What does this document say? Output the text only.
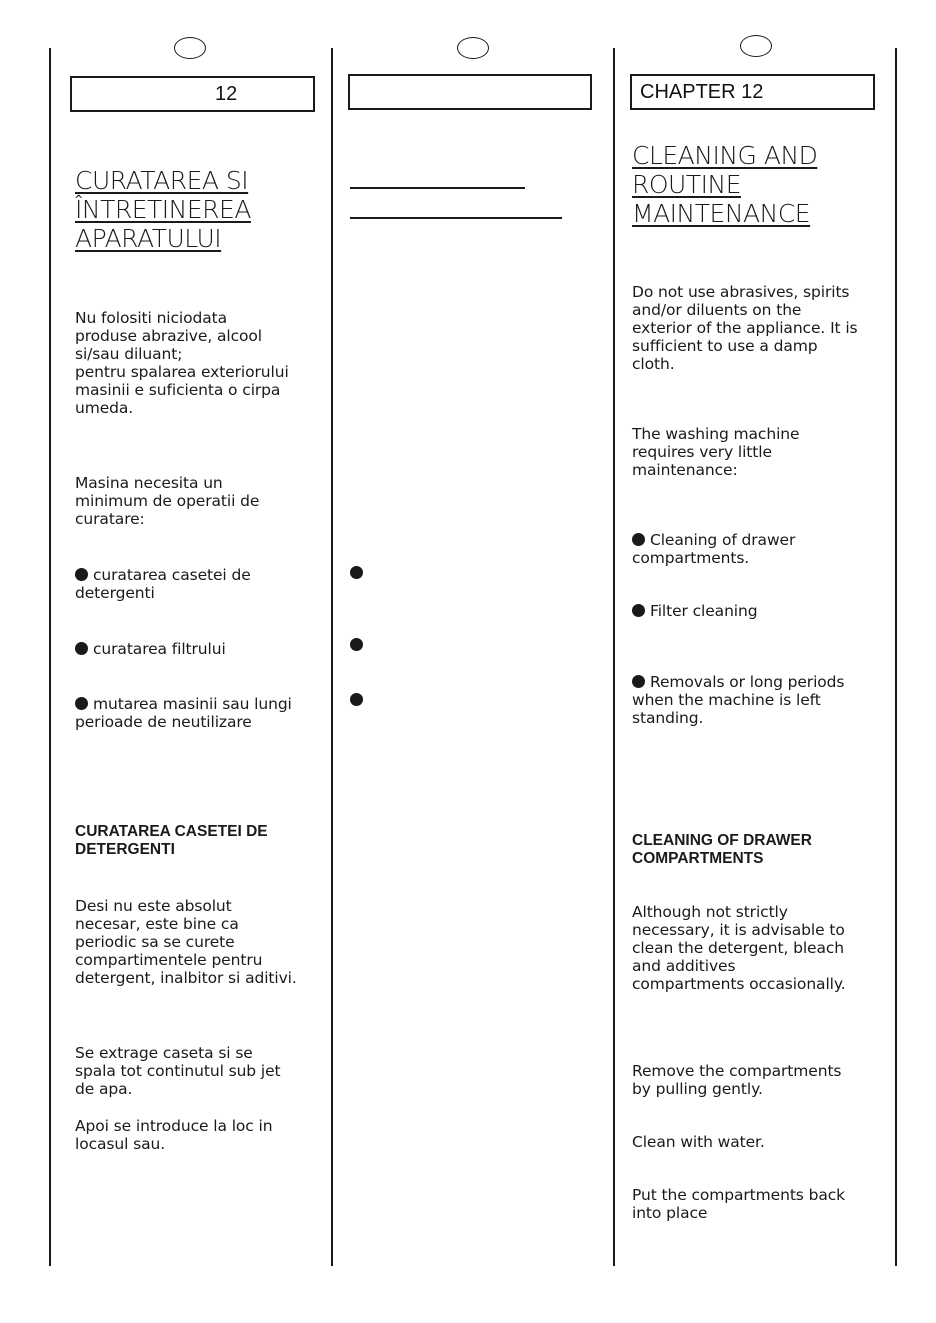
12	CHAPTER 12
CURATAREA SI
ÎNTRETINEREA
APARATULUI
Nu folositi niciodata
produse abrazive, alcool
si/sau diluant;
pentru spalarea exteriorului
masinii e suficienta o cirpa
umeda.
Masina necesita un
minimum de operatii de
curatare:
curatarea casetei de
detergenti
curatarea filtrului
mutarea masinii sau lungi
perioade de neutilizare
CURATAREA CASETEI DE
DETERGENTI
Desi nu este absolut
necesar, este bine ca
periodic sa se curete
compartimentele pentru
detergent, inalbitor si aditivi.
Se extrage caseta si se
spala tot continutul sub jet
de apa.
Apoi se introduce la loc in
locasul sau.
CLEANING AND
ROUTINE
MAINTENANCE
Do not use abrasives, spirits
and/or diluents on the
exterior of the appliance. It is
sufficient to use a damp
cloth.
The washing machine
requires very little
maintenance:
Cleaning of drawer
compartments.
Filter cleaning
Removals or long periods
when the machine is left
standing.
CLEANING OF DRAWER
COMPARTMENTS
Although not strictly
necessary, it is advisable to
clean the detergent, bleach
and additives
compartments occasionally.
Remove the compartments
by pulling gently.
Clean with water.
Put the compartments back
into place
